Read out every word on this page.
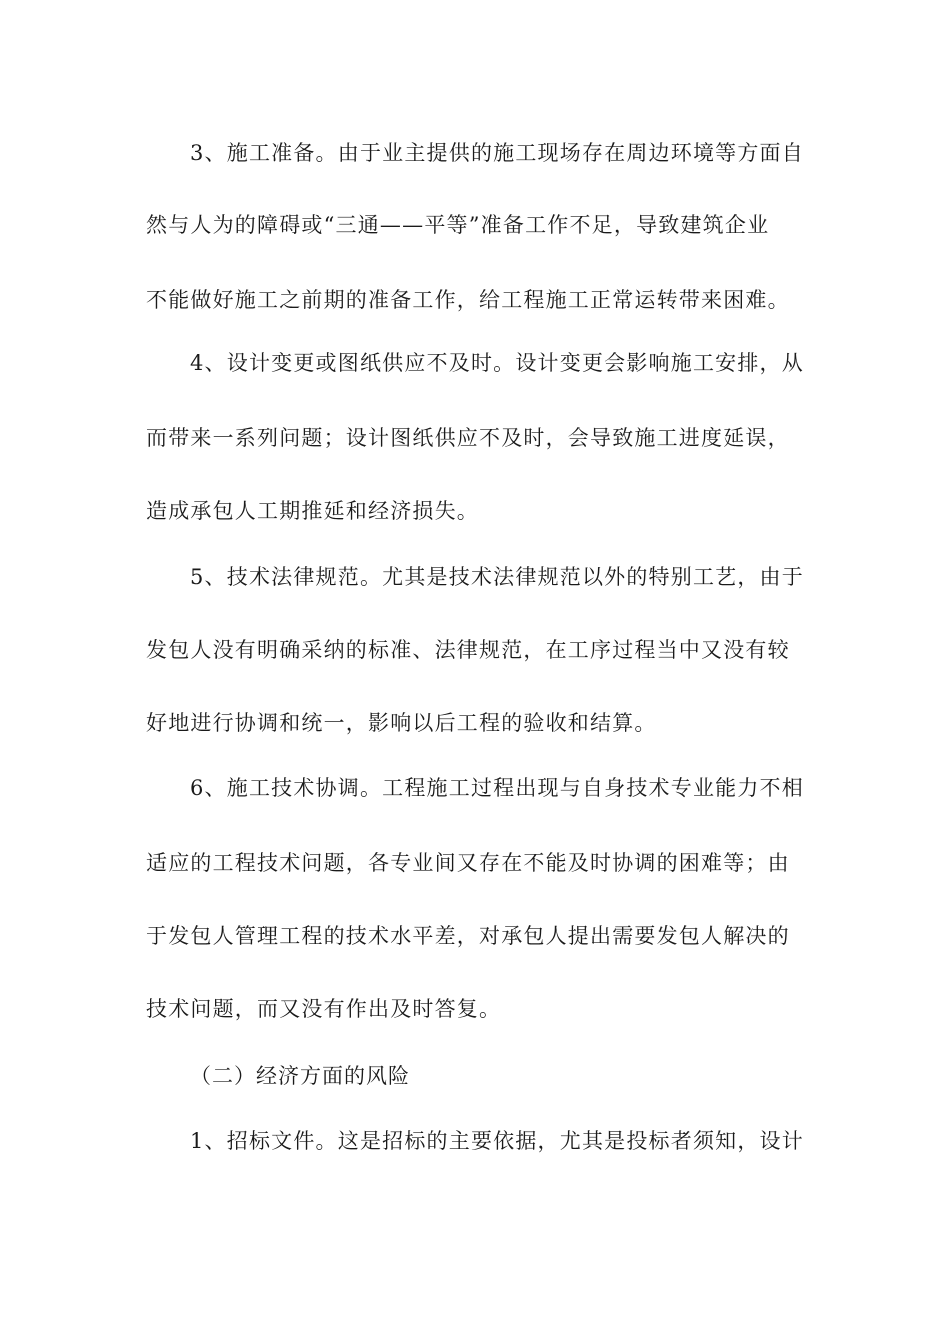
3、施工准备。由于业主提供的施工现场存在周边环境等方面自
然与人为的障碍或“三通——平等”准备工作不足，导致建筑企业
不能做好施工之前期的准备工作，给工程施工正常运转带来困难。
4、设计变更或图纸供应不及时。设计变更会影响施工安排，从
而带来一系列问题；设计图纸供应不及时，会导致施工进度延误，
造成承包人工期推延和经济损失。
5、技术法律规范。尤其是技术法律规范以外的特别工艺，由于
发包人没有明确采纳的标准、法律规范，在工序过程当中又没有较
好地进行协调和统一，影响以后工程的验收和结算。
6、施工技术协调。工程施工过程出现与自身技术专业能力不相
适应的工程技术问题，各专业间又存在不能及时协调的困难等；由
于发包人管理工程的技术水平差，对承包人提出需要发包人解决的
技术问题，而又没有作出及时答复。
（二）经济方面的风险
1、招标文件。这是招标的主要依据，尤其是投标者须知，设计
